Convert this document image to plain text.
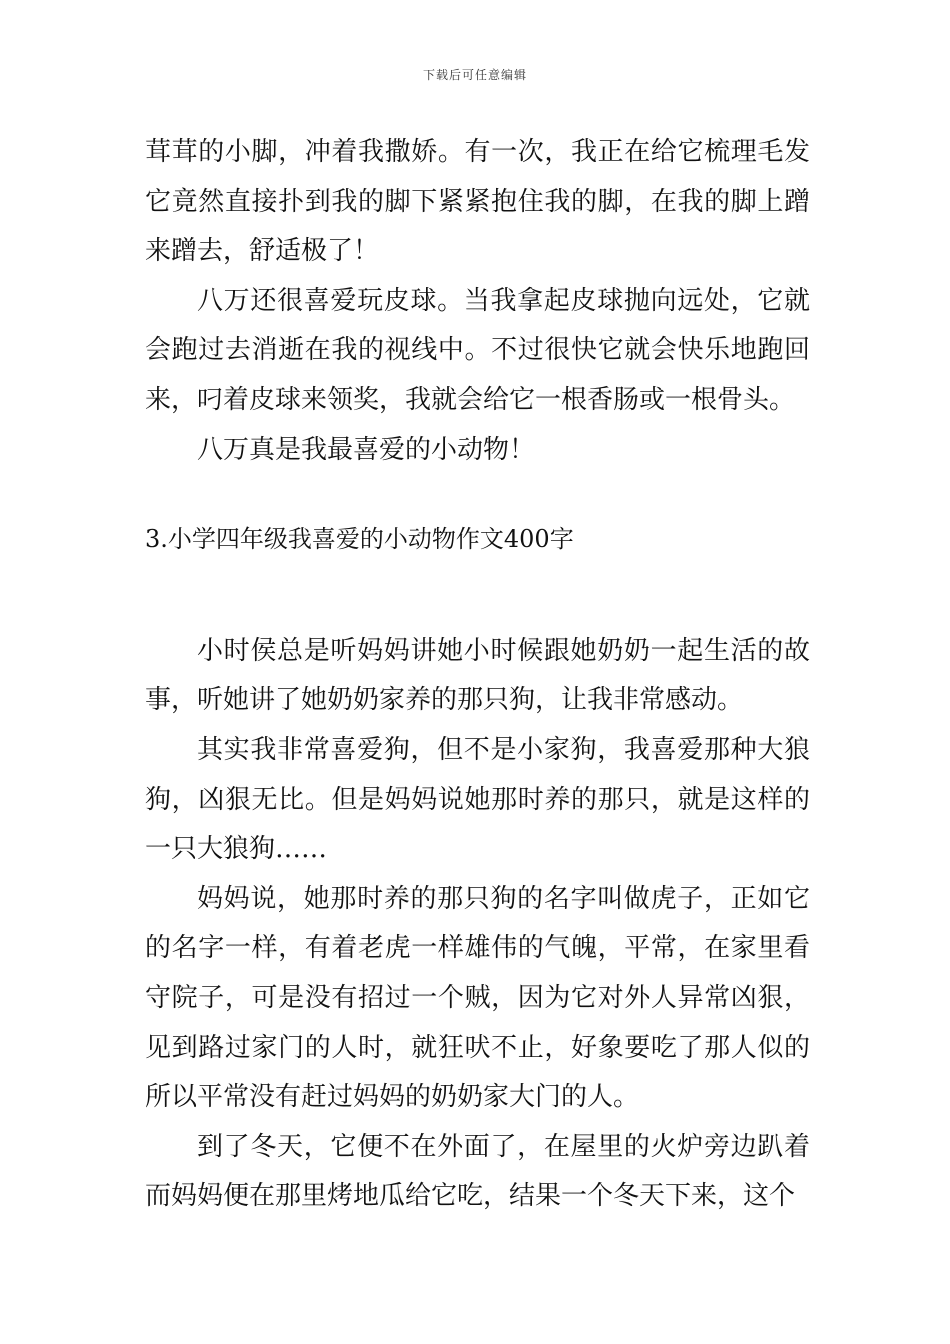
下载后可任意编辑

茸茸的小脚，冲着我撒娇。有一次，我正在给它梳理毛发它竟然直接扑到我的脚下紧紧抱住我的脚，在我的脚上蹭来蹭去，舒适极了！

八万还很喜爱玩皮球。当我拿起皮球抛向远处，它就会跑过去消逝在我的视线中。不过很快它就会快乐地跑回来，叼着皮球来领奖，我就会给它一根香肠或一根骨头。

八万真是我最喜爱的小动物！

3.小学四年级我喜爱的小动物作文400字

小时侯总是听妈妈讲她小时候跟她奶奶一起生活的故事，听她讲了她奶奶家养的那只狗，让我非常感动。

其实我非常喜爱狗，但不是小家狗，我喜爱那种大狼狗，凶狠无比。但是妈妈说她那时养的那只，就是这样的一只大狼狗……

妈妈说，她那时养的那只狗的名字叫做虎子，正如它的名字一样，有着老虎一样雄伟的气魄，平常，在家里看守院子，可是没有招过一个贼，因为它对外人异常凶狠，见到路过家门的人时，就狂吠不止，好象要吃了那人似的所以平常没有赶过妈妈的奶奶家大门的人。

到了冬天，它便不在外面了，在屋里的火炉旁边趴着而妈妈便在那里烤地瓜给它吃，结果一个冬天下来，这个
